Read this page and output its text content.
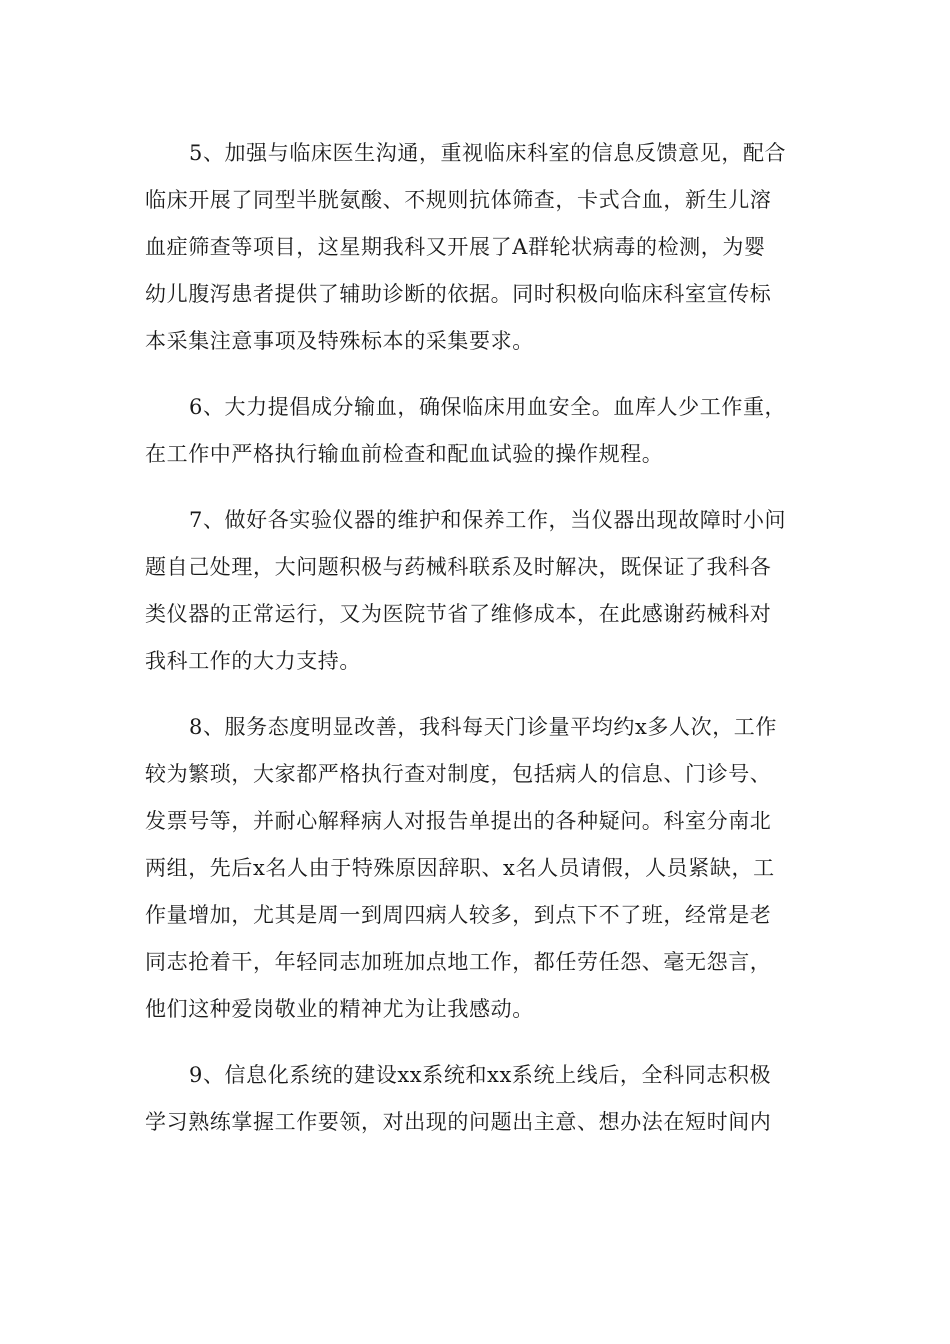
5、加强与临床医生沟通，重视临床科室的信息反馈意见，配合
临床开展了同型半胱氨酸、不规则抗体筛查，卡式合血，新生儿溶
血症筛查等项目，这星期我科又开展了A群轮状病毒的检测，为婴
幼儿腹泻患者提供了辅助诊断的依据。同时积极向临床科室宣传标
本采集注意事项及特殊标本的采集要求。

6、大力提倡成分输血，确保临床用血安全。血库人少工作重，
在工作中严格执行输血前检查和配血试验的操作规程。

7、做好各实验仪器的维护和保养工作，当仪器出现故障时小问
题自己处理，大问题积极与药械科联系及时解决，既保证了我科各
类仪器的正常运行，又为医院节省了维修成本，在此感谢药械科对
我科工作的大力支持。

8、服务态度明显改善，我科每天门诊量平均约x多人次，工作
较为繁琐，大家都严格执行查对制度，包括病人的信息、门诊号、
发票号等，并耐心解释病人对报告单提出的各种疑问。科室分南北
两组，先后x名人由于特殊原因辞职、x名人员请假，人员紧缺，工
作量增加，尤其是周一到周四病人较多，到点下不了班，经常是老
同志抢着干，年轻同志加班加点地工作，都任劳任怨、毫无怨言，
他们这种爱岗敬业的精神尤为让我感动。

9、信息化系统的建设xx系统和xx系统上线后，全科同志积极
学习熟练掌握工作要领，对出现的问题出主意、想办法在短时间内
